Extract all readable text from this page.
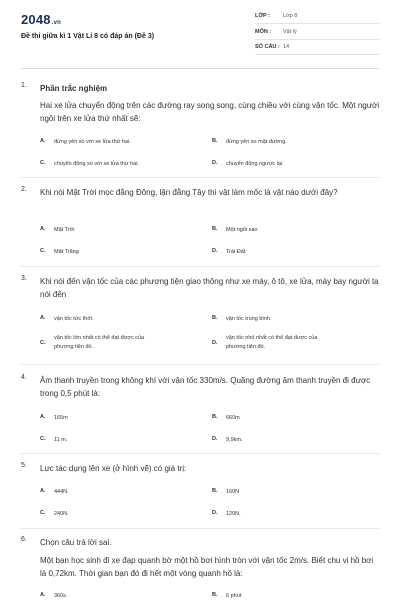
2048.vn
Đề thi giữa kì 1 Vật Lí 8 có đáp án (Đề 3)
LỚP : Lớp 8
MÔN : Vật lý
SỐ CÂU : 14
1. Phần trắc nghiệm
Hai xe lửa chuyển động trên các đường ray song song, cùng chiều với cùng vận tốc. Một người ngồi trên xe lửa thứ nhất sẽ:
A. đứng yên so với xe lửa thứ hai.	B. đứng yên so mặt đường.
C. chuyển động so với xe lửa thứ hai.	D. chuyển động ngược lại.
2. Khi nói Mặt Trời mọc đằng Đông, lặn đằng Tây thì vật làm mốc là vật nào dưới đây?
A. Mặt Trời	B. Một ngôi sao
C. Mặt Trăng	D. Trái Đất
3. Khi nói đến vận tốc của các phương tiện giao thông như xe máy, ô tô, xe lửa, máy bay người ta nói đến
A. vận tốc tức thời.	B. vận tốc trung bình.
C.
vận tốc lớn nhất có thể đạt được của phương tiện đó.
D.
vận tốc nhỏ nhất có thể đạt được của phương tiện đó.
4. Âm thanh truyền trong không khí với vận tốc 330m/s. Quãng đường âm thanh truyền đi được trong 0,5 phút là:
A. 165m	B. 660m
C. 11 m.	D. 9,9km.
5. Lực tác dụng lên xe (ở hình vẽ) có giá trị:
A. 444N.	B. 160N
C. 240N.	D. 120N.
6. Chọn câu trả lời sai.
Một bạn học sinh đi xe đạp quanh bờ một hồ bơi hình tròn với vận tốc 2m/s. Biết chu vi hồ bơi là 0,72km. Thời gian bạn đó đi hết một vòng quanh hồ là:
A. 360s.	B. 6 phút
